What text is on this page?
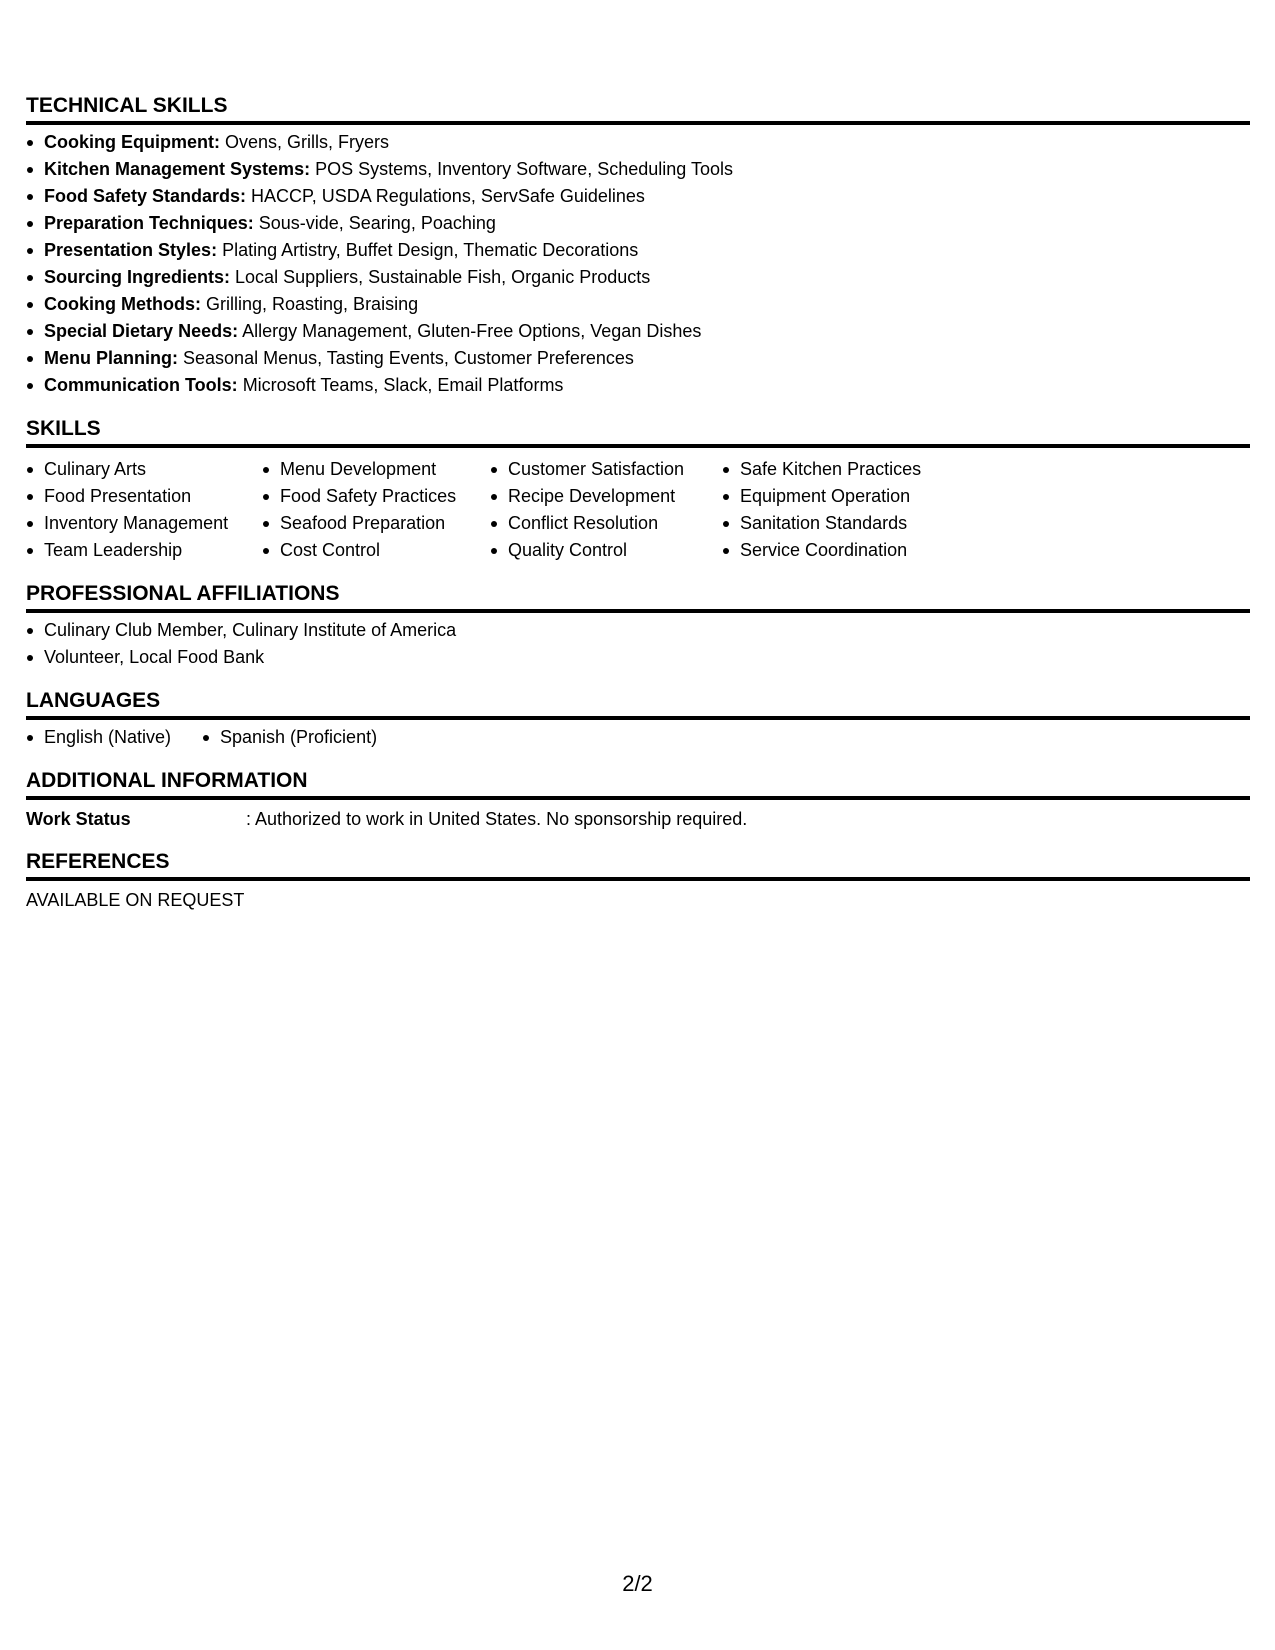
TECHNICAL SKILLS
Cooking Equipment: Ovens, Grills, Fryers
Kitchen Management Systems: POS Systems, Inventory Software, Scheduling Tools
Food Safety Standards: HACCP, USDA Regulations, ServSafe Guidelines
Preparation Techniques: Sous-vide, Searing, Poaching
Presentation Styles: Plating Artistry, Buffet Design, Thematic Decorations
Sourcing Ingredients: Local Suppliers, Sustainable Fish, Organic Products
Cooking Methods: Grilling, Roasting, Braising
Special Dietary Needs: Allergy Management, Gluten-Free Options, Vegan Dishes
Menu Planning: Seasonal Menus, Tasting Events, Customer Preferences
Communication Tools: Microsoft Teams, Slack, Email Platforms
SKILLS
Culinary Arts
Food Presentation
Inventory Management
Team Leadership
Menu Development
Food Safety Practices
Seafood Preparation
Cost Control
Customer Satisfaction
Recipe Development
Conflict Resolution
Quality Control
Safe Kitchen Practices
Equipment Operation
Sanitation Standards
Service Coordination
PROFESSIONAL AFFILIATIONS
Culinary Club Member, Culinary Institute of America
Volunteer, Local Food Bank
LANGUAGES
English (Native)	Spanish (Proficient)
ADDITIONAL INFORMATION
Work Status	: Authorized to work in United States. No sponsorship required.
REFERENCES
AVAILABLE ON REQUEST
2/2
